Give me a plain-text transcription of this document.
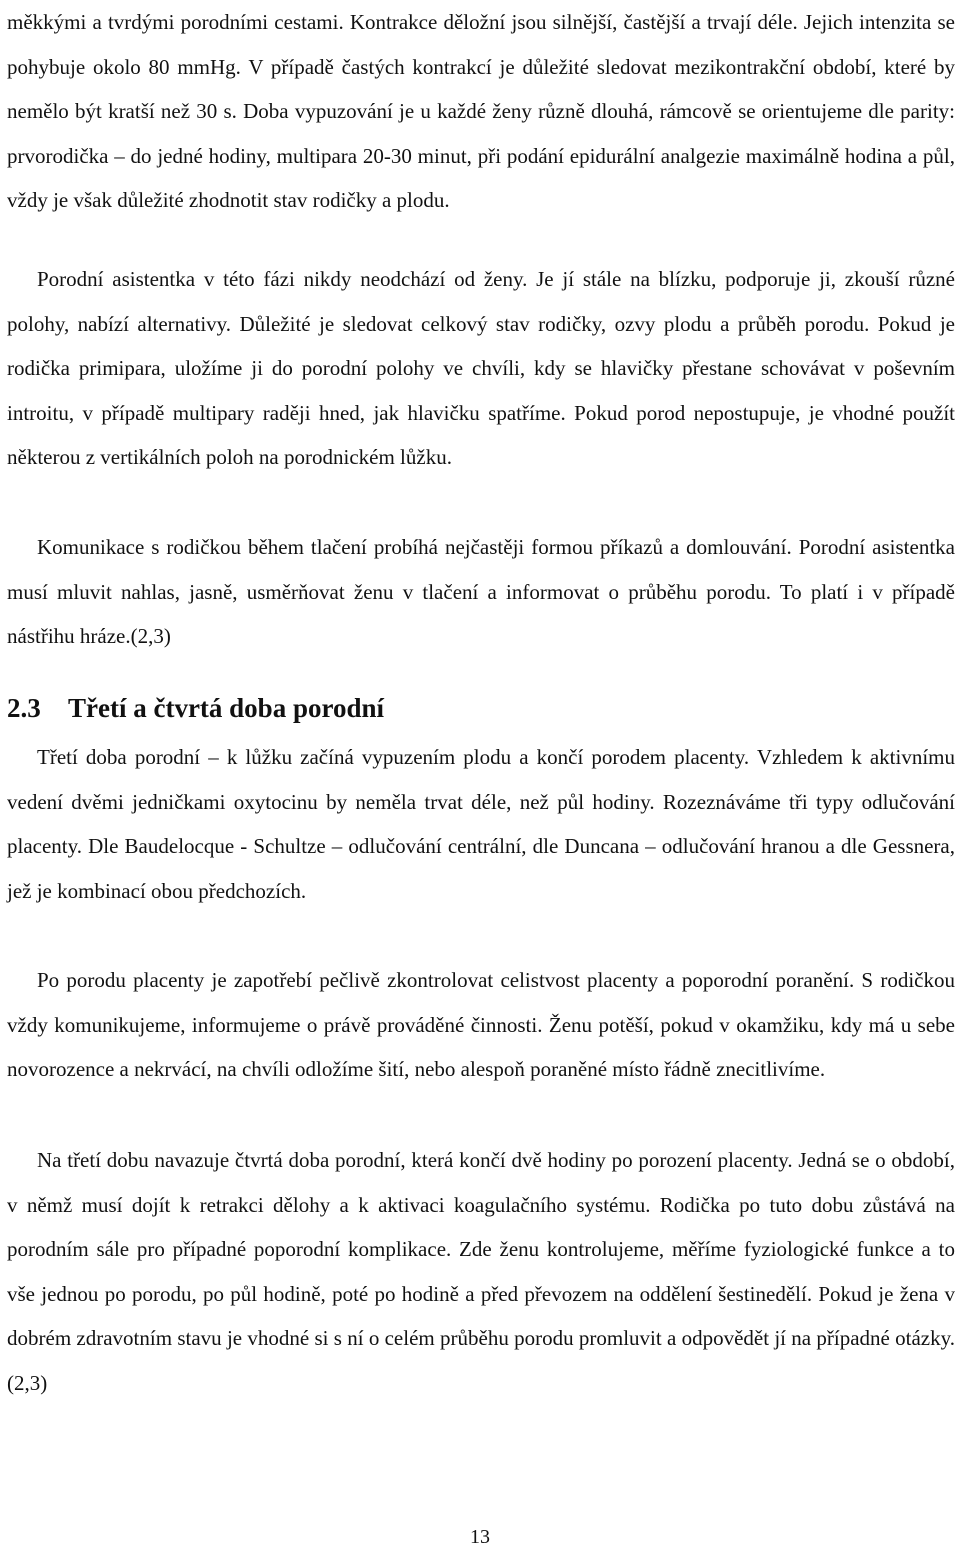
měkkými a tvrdými porodními cestami. Kontrakce děložní jsou silnější, častější a trvají déle. Jejich intenzita se pohybuje okolo 80 mmHg. V případě častých kontrakcí je důležité sledovat mezikontrakční období, které by nemělo být kratší než 30 s. Doba vypuzování je u každé ženy různě dlouhá, rámcově se orientujeme dle parity: prvorodička – do jedné hodiny, multipara 20-30 minut, při podání epidurální analgezie maximálně hodina a půl, vždy je však důležité zhodnotit stav rodičky a plodu.

Porodní asistentka v této fázi nikdy neodchází od ženy. Je jí stále na blízku, podporuje ji, zkouší různé polohy, nabízí alternativy. Důležité je sledovat celkový stav rodičky, ozvy plodu a průběh porodu. Pokud je rodička primipara, uložíme ji do porodní polohy ve chvíli, kdy se hlavičky přestane schovávat v poševním introitu, v případě multipary raději hned, jak hlavičku spatříme. Pokud porod nepostupuje, je vhodné použít některou z vertikálních poloh na porodnickém lůžku.

Komunikace s rodičkou během tlačení probíhá nejčastěji formou příkazů a domlouvání. Porodní asistentka musí mluvit nahlas, jasně, usměrňovat ženu v tlačení a informovat o průběhu porodu. To platí i v případě nástřihu hráze.(2,3)

2.3 Třetí a čtvrtá doba porodní

Třetí doba porodní – k lůžku začíná vypuzením plodu a končí porodem placenty. Vzhledem k aktivnímu vedení dvěmi jedničkami oxytocinu by neměla trvat déle, než půl hodiny. Rozeznáváme tři typy odlučování placenty. Dle Baudelocque - Schultze – odlučování centrální, dle Duncana – odlučování hranou a dle Gessnera, jež je kombinací obou předchozích.

Po porodu placenty je zapotřebí pečlivě zkontrolovat celistvost placenty a poporodní poranění. S rodičkou vždy komunikujeme, informujeme o právě prováděné činnosti. Ženu potěší, pokud v okamžiku, kdy má u sebe novorozence a nekrvácí, na chvíli odložíme šití, nebo alespoň poraněné místo řádně znecitlivíme.

Na třetí dobu navazuje čtvrtá doba porodní, která končí dvě hodiny po porození placenty. Jedná se o období, v němž musí dojít k retrakci dělohy a k aktivaci koagulačního systému. Rodička po tuto dobu zůstává na porodním sále pro případné poporodní komplikace. Zde ženu kontrolujeme, měříme fyziologické funkce a to vše jednou po porodu, po půl hodině, poté po hodině a před převozem na oddělení šestinedělí. Pokud je žena v dobrém zdravotním stavu je vhodné si s ní o celém průběhu porodu promluvit a odpovědět jí na případné otázky.(2,3)

13
